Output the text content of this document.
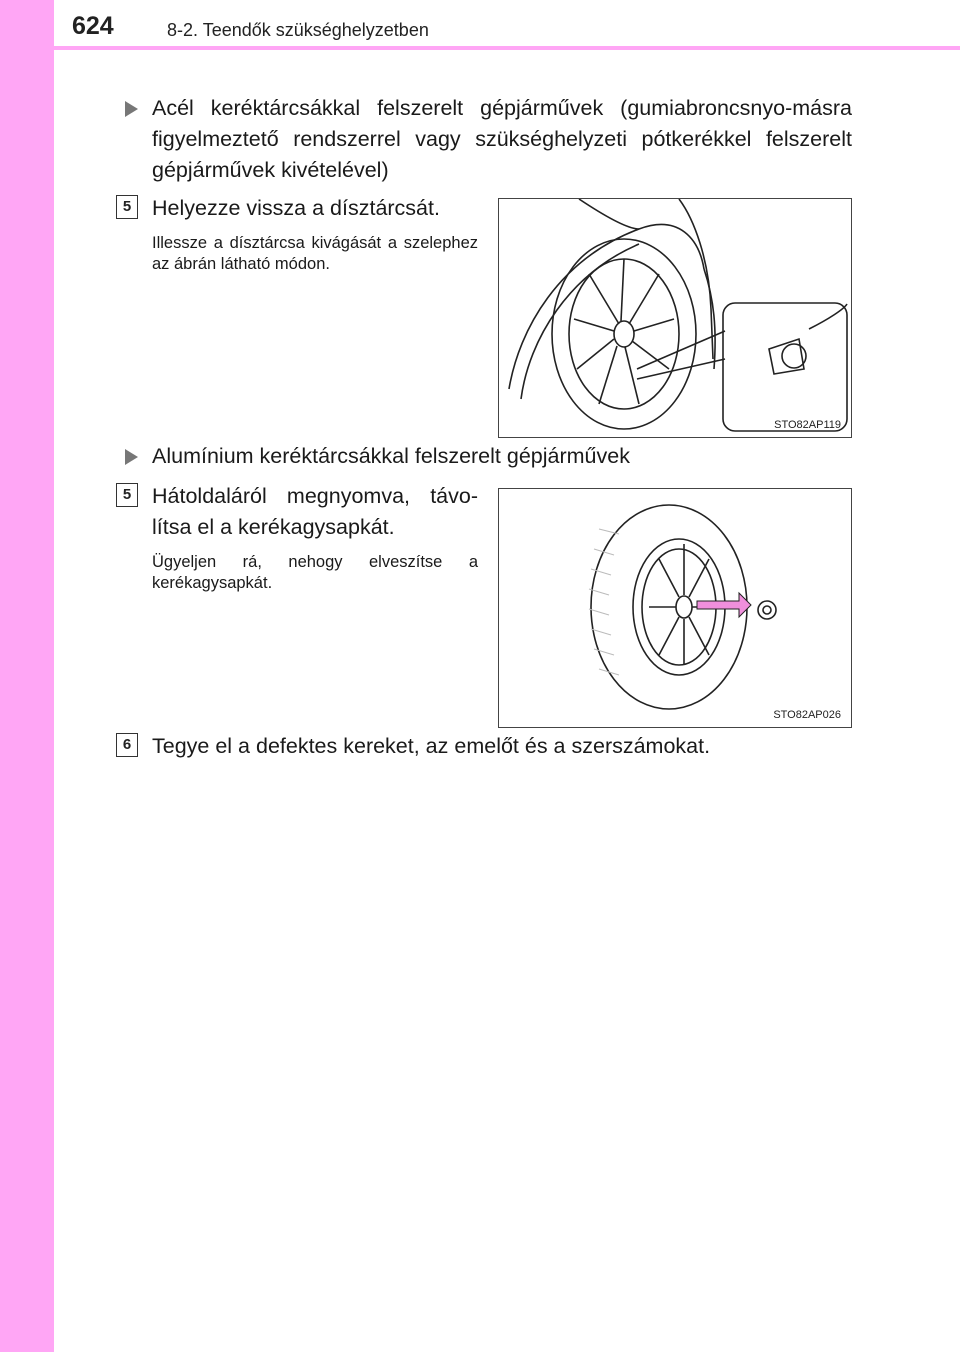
624	8-2. Teendők szükséghelyzetben
Acél keréktárcsákkal felszerelt gépjárművek (gumiabroncsnyo-másra figyelmeztető rendszerrel vagy szükséghelyzeti pótkerékkel felszerelt gépjárművek kivételével)
5 Helyezze vissza a dísztárcsát.
Illessze a dísztárcsa kivágását a szelephez az ábrán látható módon.
STO82AP119
Alumínium keréktárcsákkal felszerelt gépjárművek
5 Hátoldaláról megnyomva, távo-lítsa el a kerékagysapkát.
Ügyeljen rá, nehogy elveszítse a kerékagysapkát.
STO82AP026
6 Tegye el a defektes kereket, az emelőt és a szerszámokat.
